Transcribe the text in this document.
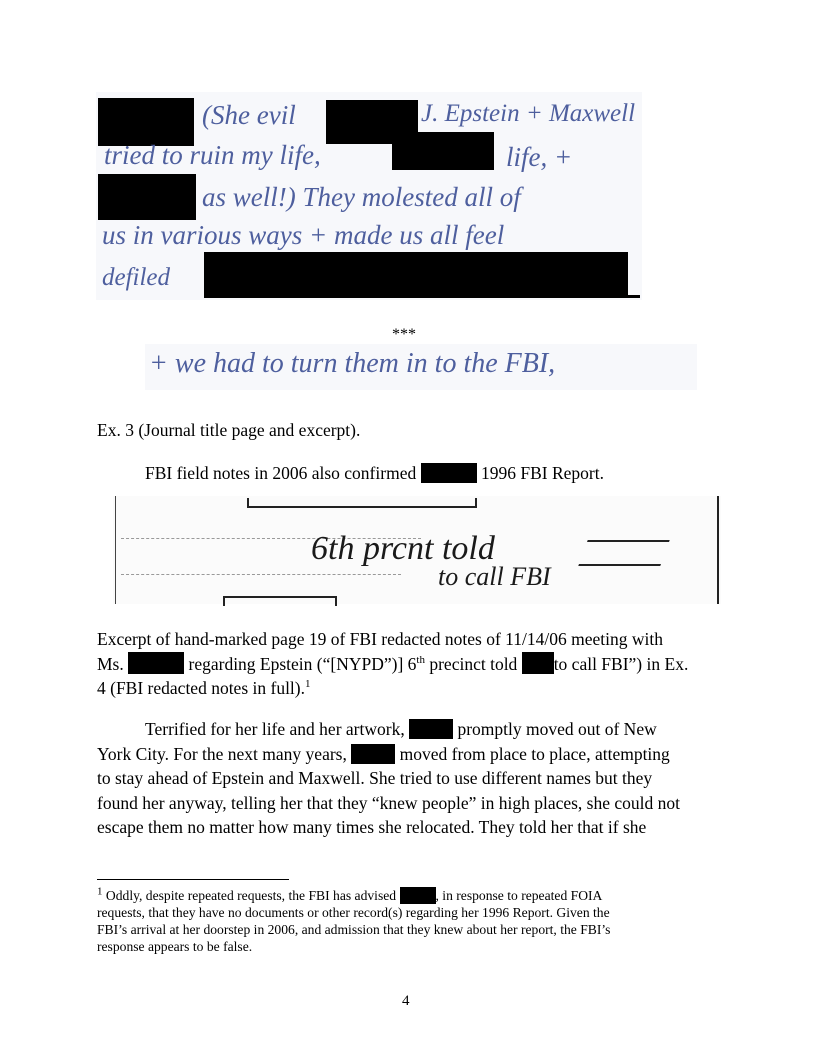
(She evil	J. Epstein + Maxwell
tried to ruin my life,	life, +
as well!) They molested all of
us in various ways + made us all feel
defiled
***
+ we had to turn them in to the FBI,
Ex. 3 (Journal title page and excerpt).
FBI field notes in 2006 also confirmed	1996 FBI Report.
6th prcnt told
to call FBI
Excerpt of hand-marked page 19 of FBI redacted notes of 11/14/06 meeting with
Ms.	regarding Epstein (“[NYPD”)] 6th precinct told to call FBI”) in Ex.
4 (FBI redacted notes in full).$^1$
Terrified for her life and her artwork,	promptly moved out of New
York City. For the next many years,	moved from place to place, attempting
to stay ahead of Epstein and Maxwell. She tried to use different names but they
found her anyway, telling her that they “knew people” in high places, she could not
escape them no matter how many times she relocated. They told her that if she
$^1$ Oddly, despite repeated requests, the FBI has advised	, in response to repeated FOIA
requests, that they have no documents or other record(s) regarding her 1996 Report. Given the
FBI’s arrival at her doorstep in 2006, and admission that they knew about her report, the FBI’s
response appears to be false.
4
